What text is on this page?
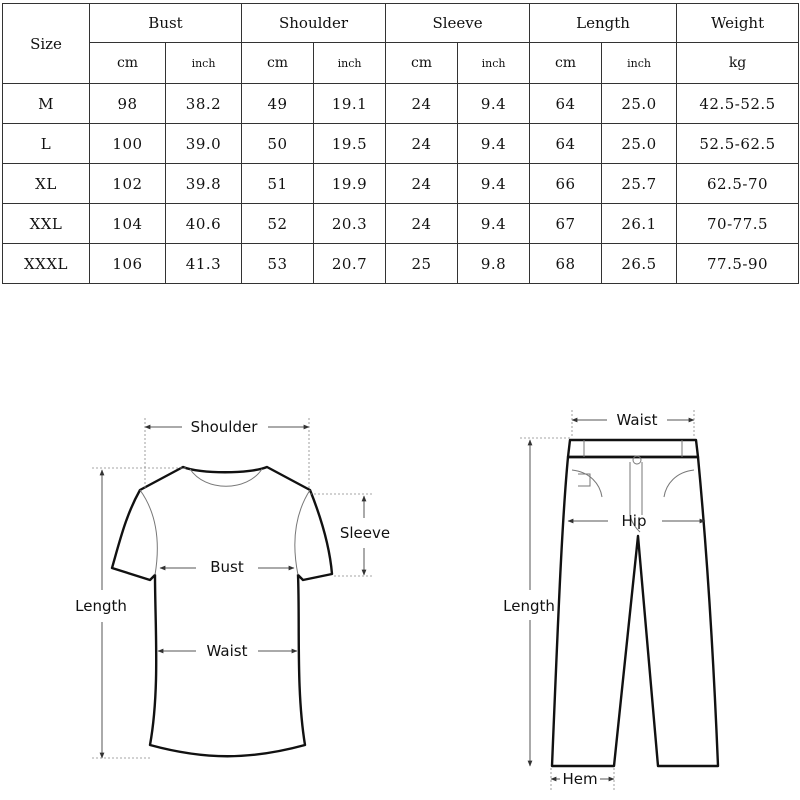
Size	Bust		Shoulder		Sleeve		Length		Weight
	cm	inch	cm	inch	cm	inch	cm	inch	kg
M	98	38.2	49	19.1	24	9.4	64	25.0	42.5-52.5
L	100	39.0	50	19.5	24	9.4	64	25.0	52.5-62.5
XL	102	39.8	51	19.9	24	9.4	66	25.7	62.5-70
XXL	104	40.6	52	20.3	24	9.4	67	26.1	70-77.5
XXXL	106	41.3	53	20.7	25	9.8	68	26.5	77.5-90
Shoulder
Sleeve
Bust
Waist
Length
Waist
Hip
Length
Hem
